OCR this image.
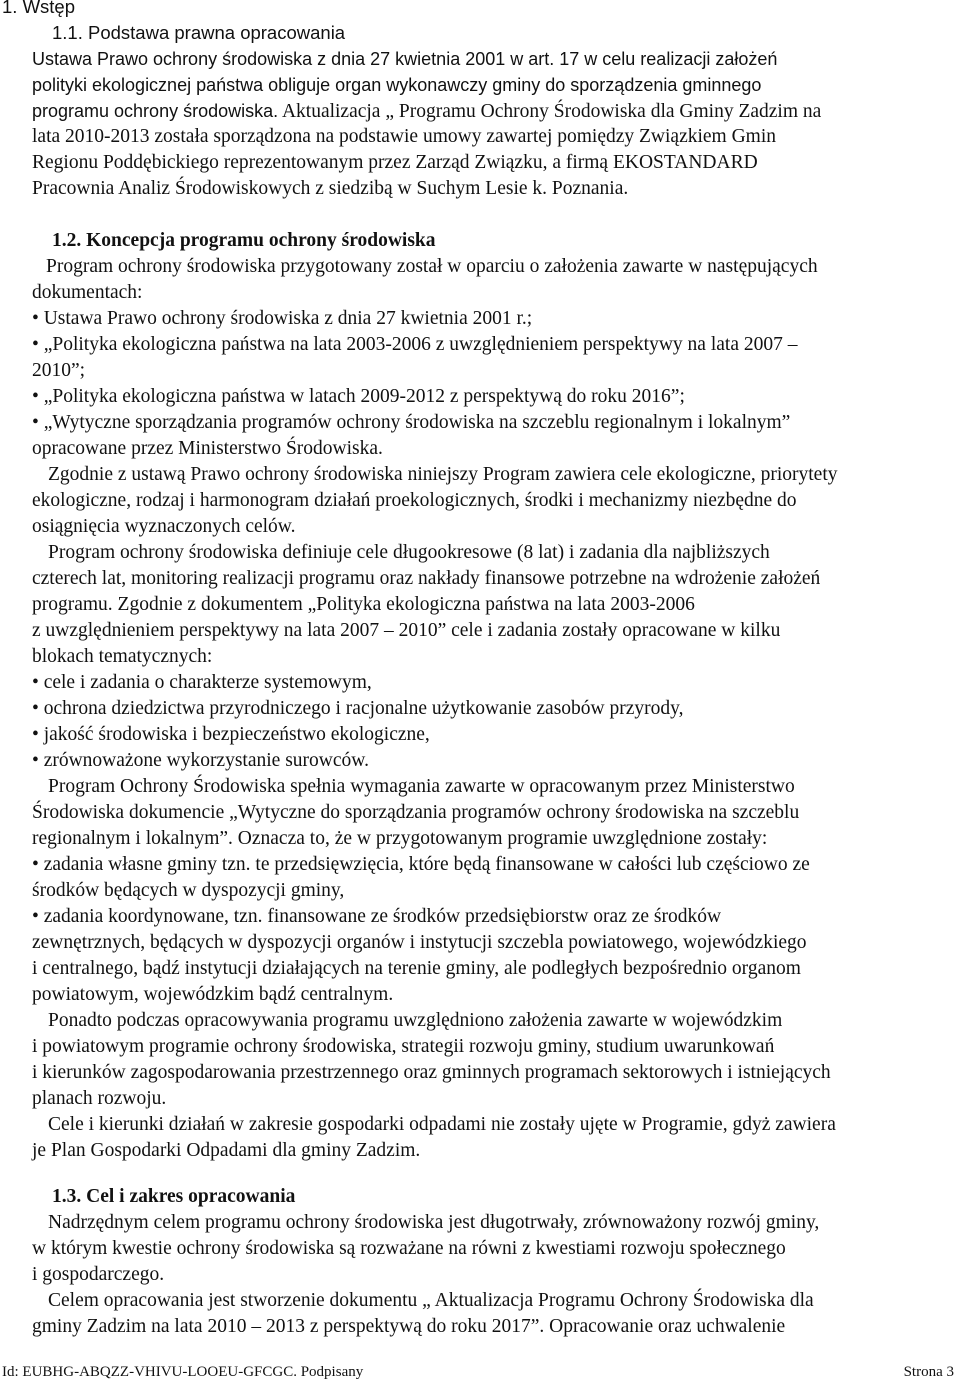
1. Wstęp
1.1. Podstawa prawna opracowania
Ustawa Prawo ochrony środowiska z dnia 27 kwietnia 2001 w art. 17 w celu realizacji założeń
polityki ekologicznej państwa obliguje organ wykonawczy gminy do sporządzenia gminnego
programu ochrony środowiska. Aktualizacja „ Programu Ochrony Środowiska dla Gminy Zadzim na
lata 2010-2013 została sporządzona na podstawie umowy zawartej pomiędzy Związkiem Gmin
Regionu Poddębickiego reprezentowanym przez Zarząd Związku, a firmą EKOSTANDARD
Pracownia Analiz Środowiskowych z siedzibą w Suchym Lesie k. Poznania.
1.2. Koncepcja programu ochrony środowiska
Program ochrony środowiska przygotowany został w oparciu o założenia zawarte w następujących
dokumentach:
• Ustawa Prawo ochrony środowiska z dnia 27 kwietnia 2001 r.;
• „Polityka ekologiczna państwa na lata 2003-2006 z uwzględnieniem perspektywy na lata 2007 –
2010”;
• „Polityka ekologiczna państwa w latach 2009-2012 z perspektywą do roku 2016”;
• „Wytyczne sporządzania programów ochrony środowiska na szczeblu regionalnym i lokalnym”
opracowane przez Ministerstwo Środowiska.
Zgodnie z ustawą Prawo ochrony środowiska niniejszy Program zawiera cele ekologiczne, priorytety
ekologiczne, rodzaj i harmonogram działań proekologicznych, środki i mechanizmy niezbędne do
osiągnięcia wyznaczonych celów.
Program ochrony środowiska definiuje cele długookresowe (8 lat) i zadania dla najbliższych
czterech lat, monitoring realizacji programu oraz nakłady finansowe potrzebne na wdrożenie założeń
programu. Zgodnie z dokumentem „Polityka ekologiczna państwa na lata 2003-2006
z uwzględnieniem perspektywy na lata 2007 – 2010” cele i zadania zostały opracowane w kilku
blokach tematycznych:
• cele i zadania o charakterze systemowym,
• ochrona dziedzictwa przyrodniczego i racjonalne użytkowanie zasobów przyrody,
• jakość środowiska i bezpieczeństwo ekologiczne,
• zrównoważone wykorzystanie surowców.
Program Ochrony Środowiska spełnia wymagania zawarte w opracowanym przez Ministerstwo
Środowiska dokumencie „Wytyczne do sporządzania programów ochrony środowiska na szczeblu
regionalnym i lokalnym”. Oznacza to, że w przygotowanym programie uwzględnione zostały:
• zadania własne gminy tzn. te przedsięwzięcia, które będą finansowane w całości lub częściowo ze
środków będących w dyspozycji gminy,
• zadania koordynowane, tzn. finansowane ze środków przedsiębiorstw oraz ze środków
zewnętrznych, będących w dyspozycji organów i instytucji szczebla powiatowego, wojewódzkiego
i centralnego, bądź instytucji działających na terenie gminy, ale podległych bezpośrednio organom
powiatowym, wojewódzkim bądź centralnym.
Ponadto podczas opracowywania programu uwzględniono założenia zawarte w wojewódzkim
i powiatowym programie ochrony środowiska, strategii rozwoju gminy, studium uwarunkowań
i kierunków zagospodarowania przestrzennego oraz gminnych programach sektorowych i istniejących
planach rozwoju.
Cele i kierunki działań w zakresie gospodarki odpadami nie zostały ujęte w Programie, gdyż zawiera
je Plan Gospodarki Odpadami dla gminy Zadzim.
1.3. Cel i zakres opracowania
Nadrzędnym celem programu ochrony środowiska jest długotrwały, zrównoważony rozwój gminy,
w którym kwestie ochrony środowiska są rozważane na równi z kwestiami rozwoju społecznego
i gospodarczego.
Celem opracowania jest stworzenie dokumentu „ Aktualizacja Programu Ochrony Środowiska dla
gminy Zadzim na lata 2010 – 2013 z perspektywą do roku 2017”. Opracowanie oraz uchwalenie
Id: EUBHG-ABQZZ-VHIVU-LOOEU-GFCGC. Podpisany	Strona 3
